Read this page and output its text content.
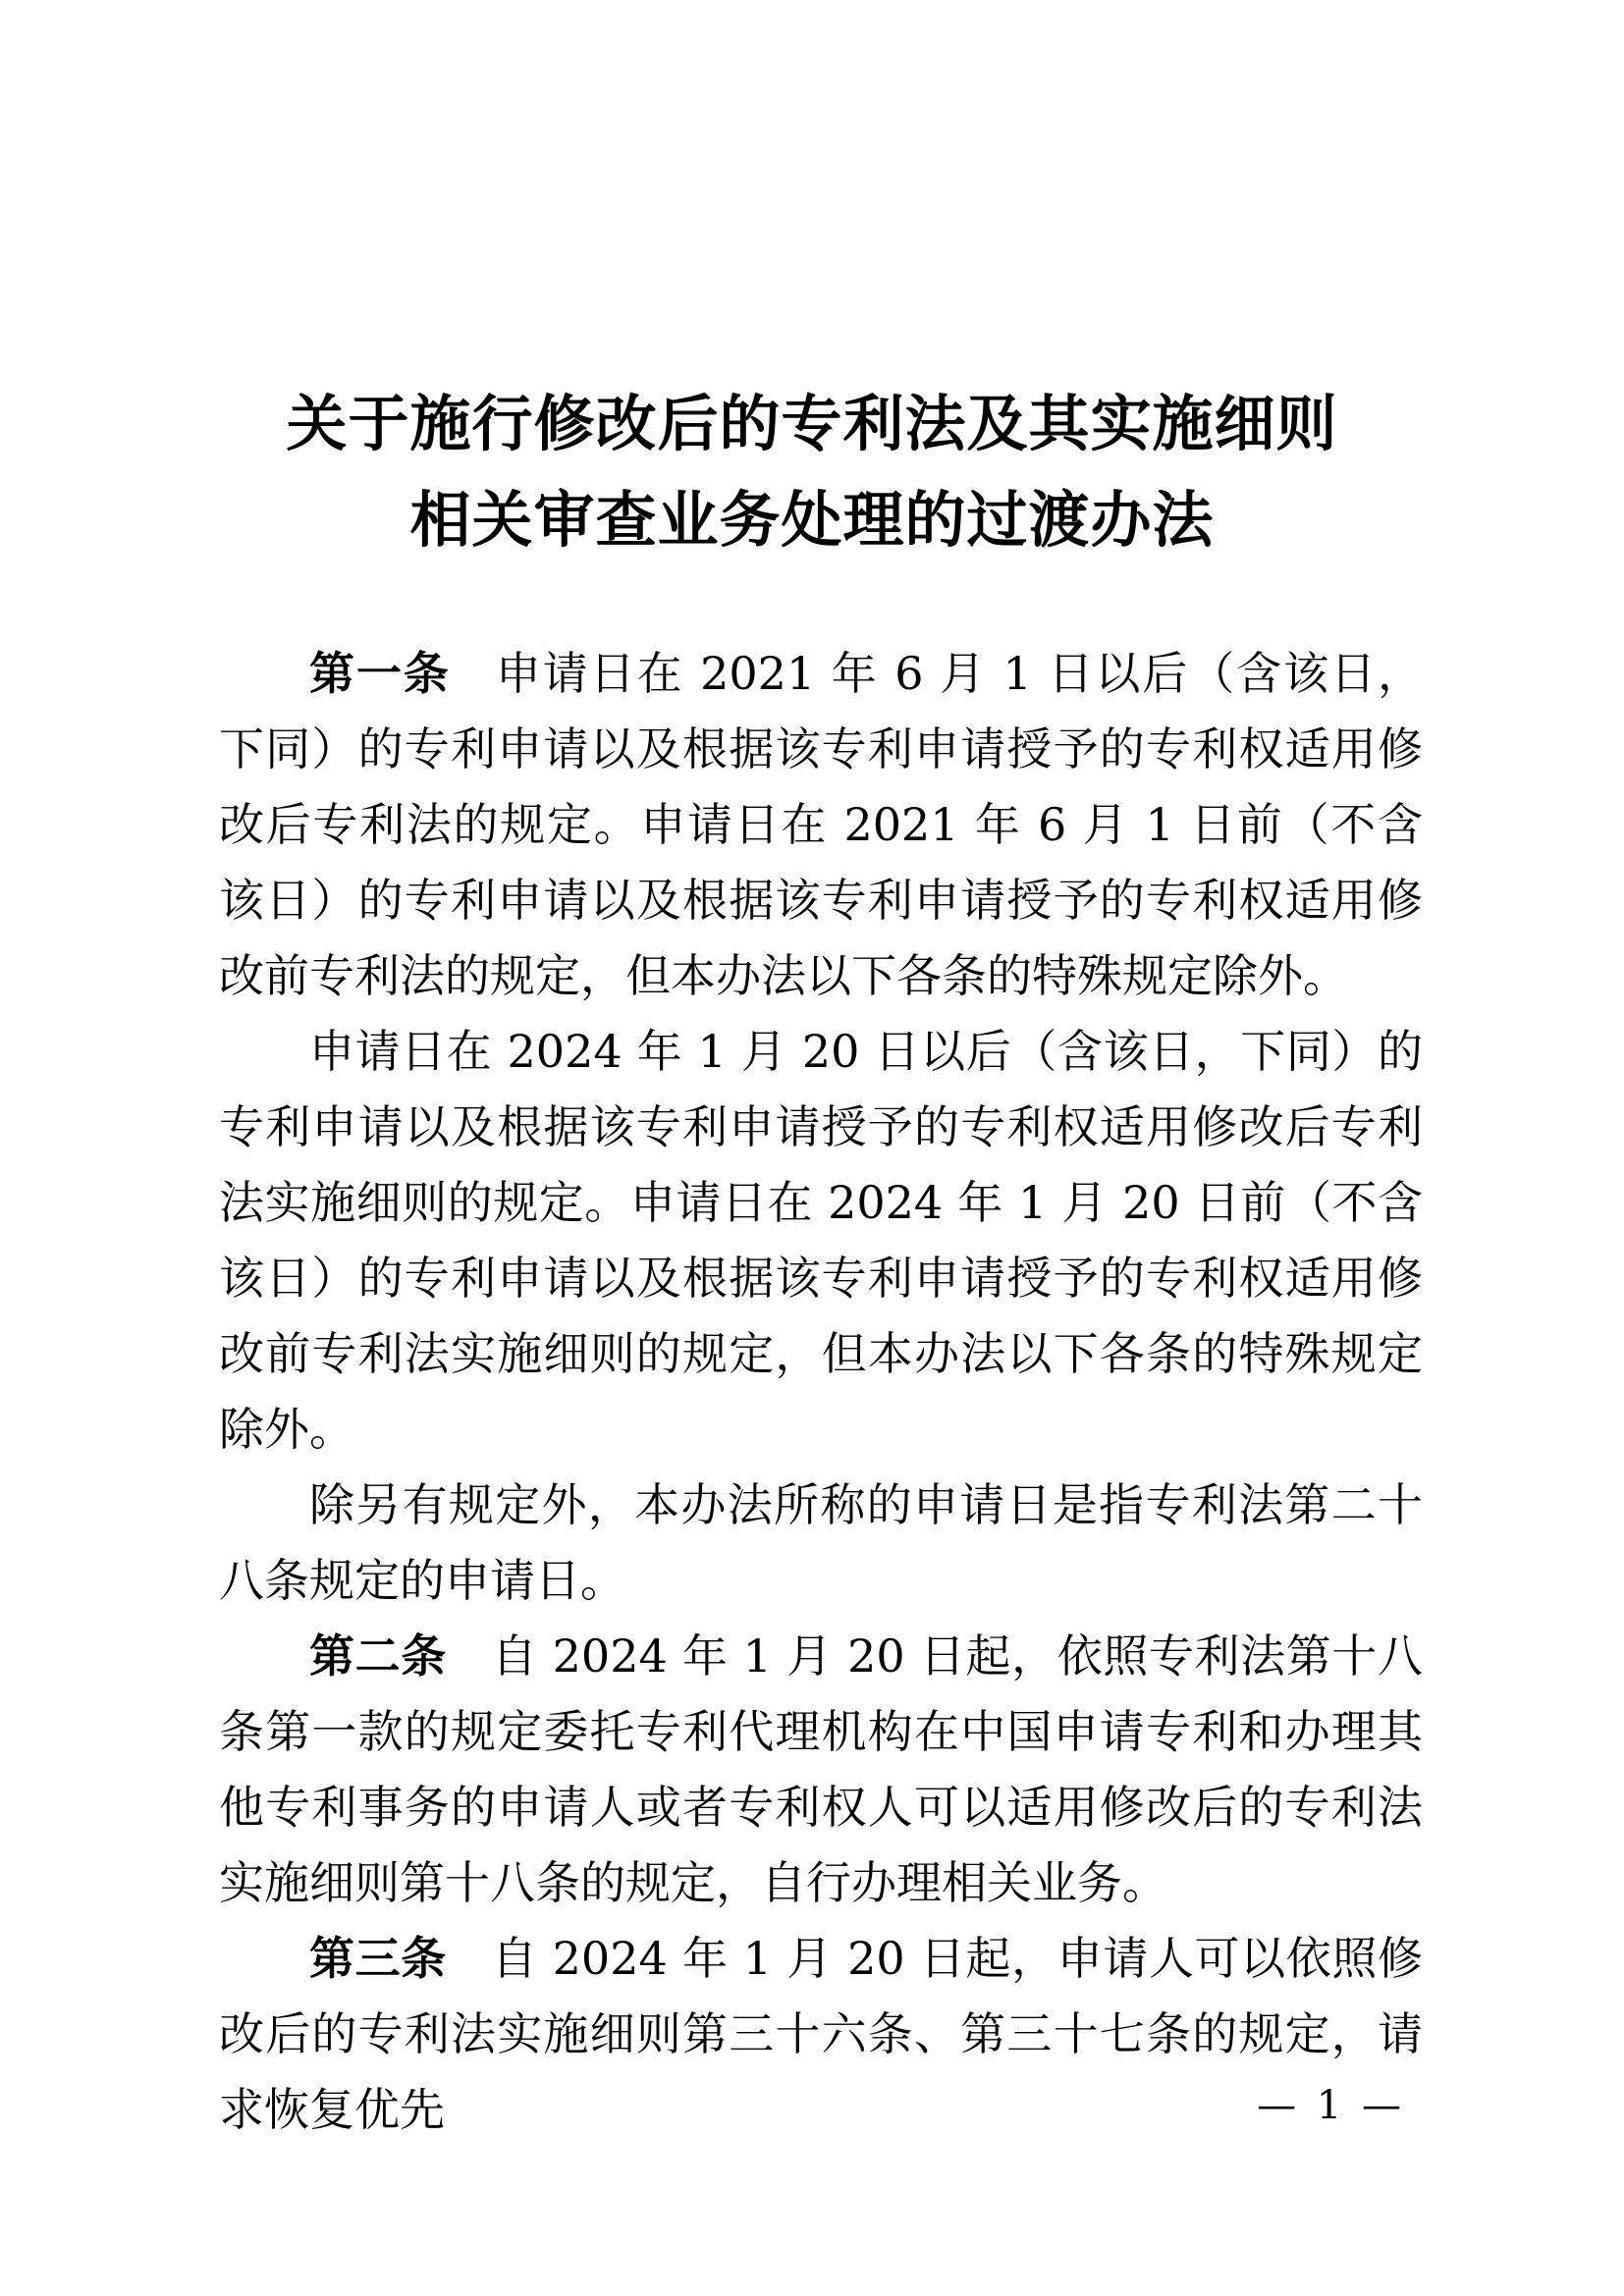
关于施行修改后的专利法及其实施细则
相关审查业务处理的过渡办法

第一条 申请日在 2021 年 6 月 1 日以后（含该日，下同）的专利申请以及根据该专利申请授予的专利权适用修改后专利法的规定。申请日在 2021 年 6 月 1 日前（不含该日）的专利申请以及根据该专利申请授予的专利权适用修改前专利法的规定，但本办法以下各条的特殊规定除外。

申请日在 2024 年 1 月 20 日以后（含该日，下同）的专利申请以及根据该专利申请授予的专利权适用修改后专利法实施细则的规定。申请日在 2024 年 1 月 20 日前（不含该日）的专利申请以及根据该专利申请授予的专利权适用修改前专利法实施细则的规定，但本办法以下各条的特殊规定除外。

除另有规定外，本办法所称的申请日是指专利法第二十八条规定的申请日。

第二条 自 2024 年 1 月 20 日起，依照专利法第十八条第一款的规定委托专利代理机构在中国申请专利和办理其他专利事务的申请人或者专利权人可以适用修改后的专利法实施细则第十八条的规定，自行办理相关业务。

第三条 自 2024 年 1 月 20 日起，申请人可以依照修改后的专利法实施细则第三十六条、第三十七条的规定，请求恢复优先	— 1 —
